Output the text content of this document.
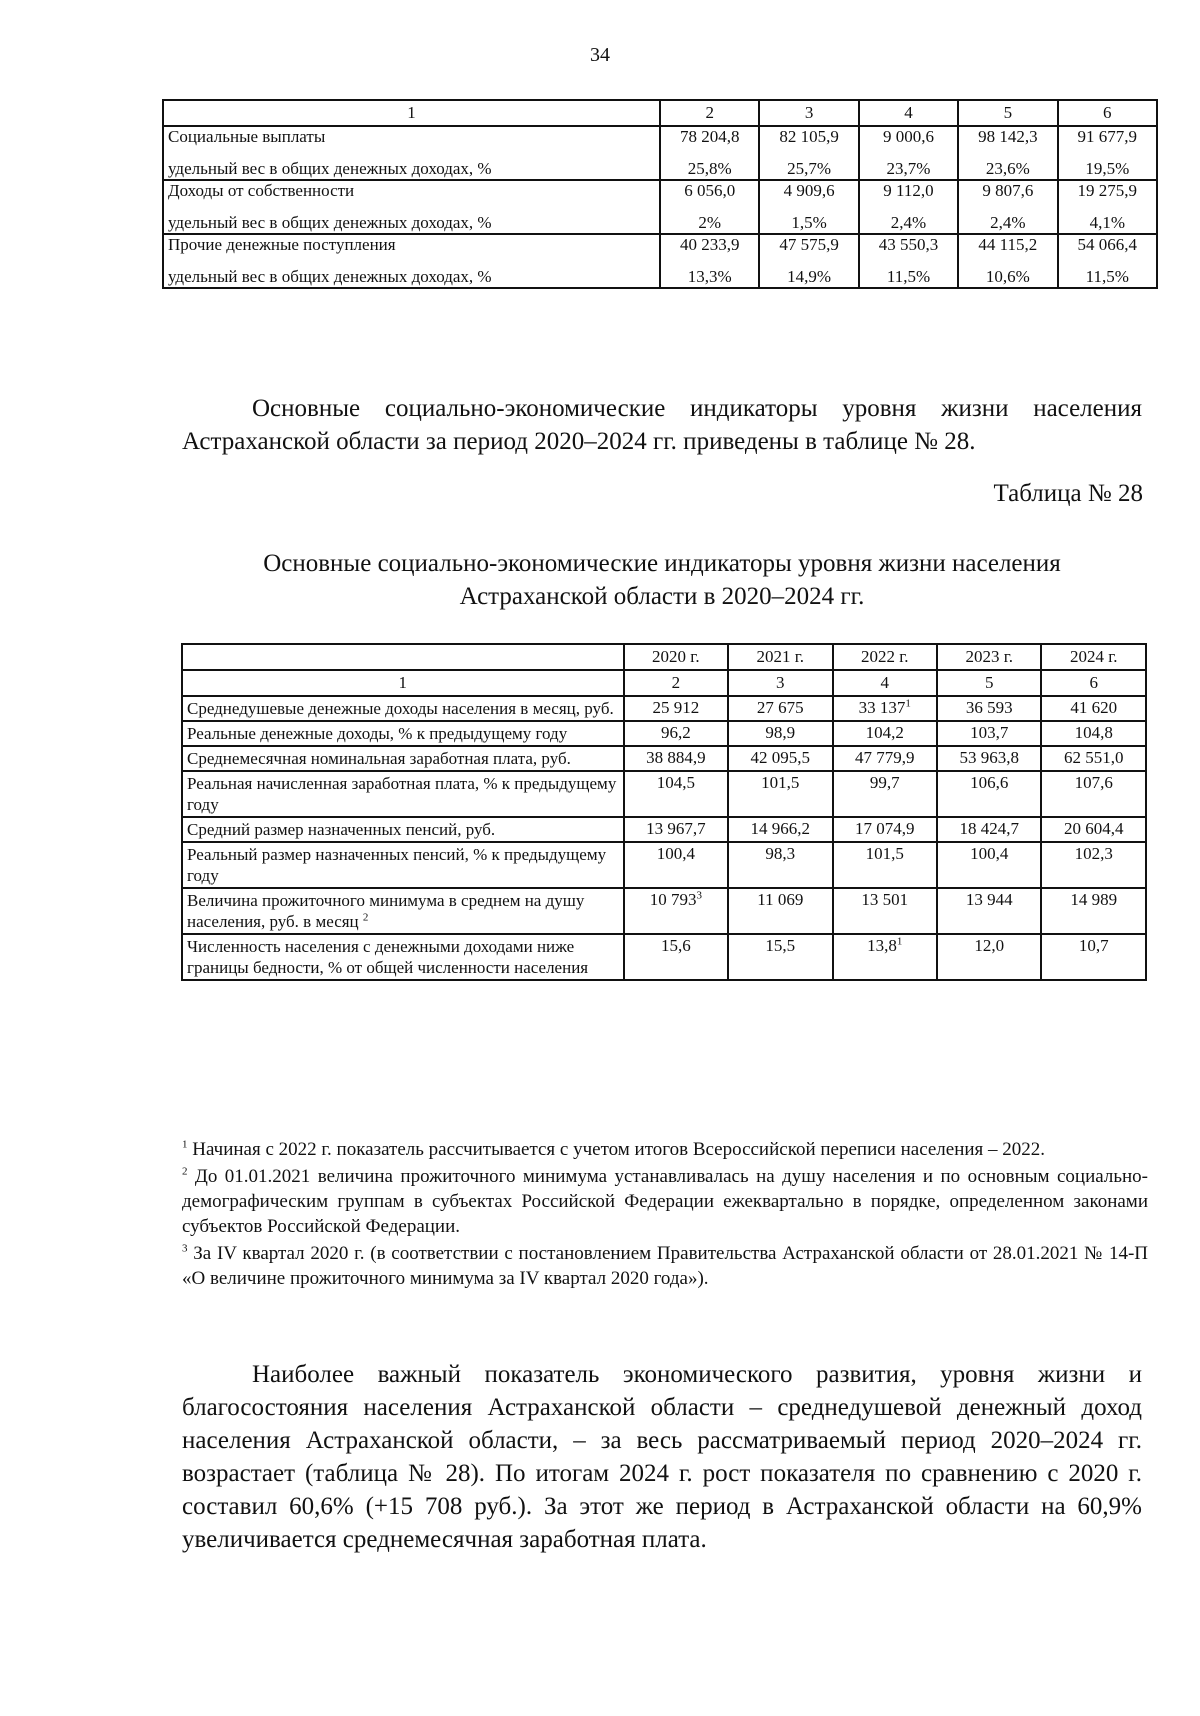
34
1	2	3	4	5	6
Социальные выплаты	78 204,8	82 105,9	9 000,6	98 142,3	91 677,9
удельный вес в общих денежных доходах, %	25,8%	25,7%	23,7%	23,6%	19,5%
Доходы от собственности	6 056,0	4 909,6	9 112,0	9 807,6	19 275,9
удельный вес в общих денежных доходах, %	2%	1,5%	2,4%	2,4%	4,1%
Прочие денежные поступления	40 233,9	47 575,9	43 550,3	44 115,2	54 066,4
удельный вес в общих денежных доходах, %	13,3%	14,9%	11,5%	10,6%	11,5%
Основные социально-экономические индикаторы уровня жизни населения Астраханской области за период 2020–2024 гг. приведены в таблице № 28.
Таблица № 28
Основные социально-экономические индикаторы уровня жизни населения
Астраханской области в 2020–2024 гг.
	2020 г.	2021 г.	2022 г.	2023 г.	2024 г.
1	2	3	4	5	6
Среднедушевые денежные доходы населения в месяц, руб.	25 912	27 675	33 $137^1$	36 593	41 620
Реальные денежные доходы, % к предыдущему году	96,2	98,9	104,2	103,7	104,8
Среднемесячная номинальная заработная плата, руб.	38 884,9	42 095,5	47 779,9	53 963,8	62 551,0
Реальная начисленная заработная плата, % к предыдущему году	104,5	101,5	99,7	106,6	107,6
Средний размер назначенных пенсий, руб.	13 967,7	14 966,2	17 074,9	18 424,7	20 604,4
Реальный размер назначенных пенсий, % к предыдущему году	100,4	98,3	101,5	100,4	102,3
Величина прожиточного минимума в среднем на душу населения, руб. в месяц $^2$	10 $793^3$	11 069	13 501	13 944	14 989
Численность населения с денежными доходами ниже границы бедности, % от общей численности населения	15,6	15,5	13,8$^1$	12,0	10,7

$^1$ Начиная с 2022 г. показатель рассчитывается с учетом итогов Всероссийской переписи населения – 2022.

$^2$ До 01.01.2021 величина прожиточного минимума устанавливалась на душу населения и по основным социально-демографическим группам в субъектах Российской Федерации ежеквартально в порядке, определенном законами субъектов Российской Федерации.

$^3$ За IV квартал 2020 г. (в соответствии с постановлением Правительства Астраханской области от 28.01.2021 № 14-П «О величине прожиточного минимума за IV квартал 2020 года»).

Наиболее важный показатель экономического развития, уровня жизни и благосостояния населения Астраханской области – среднедушевой денежный доход населения Астраханской области, – за весь рассматриваемый период 2020–2024 гг. возрастает (таблица № 28). По итогам 2024 г. рост показателя по сравнению с 2020 г. составил 60,6% (+15 708 руб.). За этот же период в Астраханской области на 60,9% увеличивается среднемесячная заработная плата.
